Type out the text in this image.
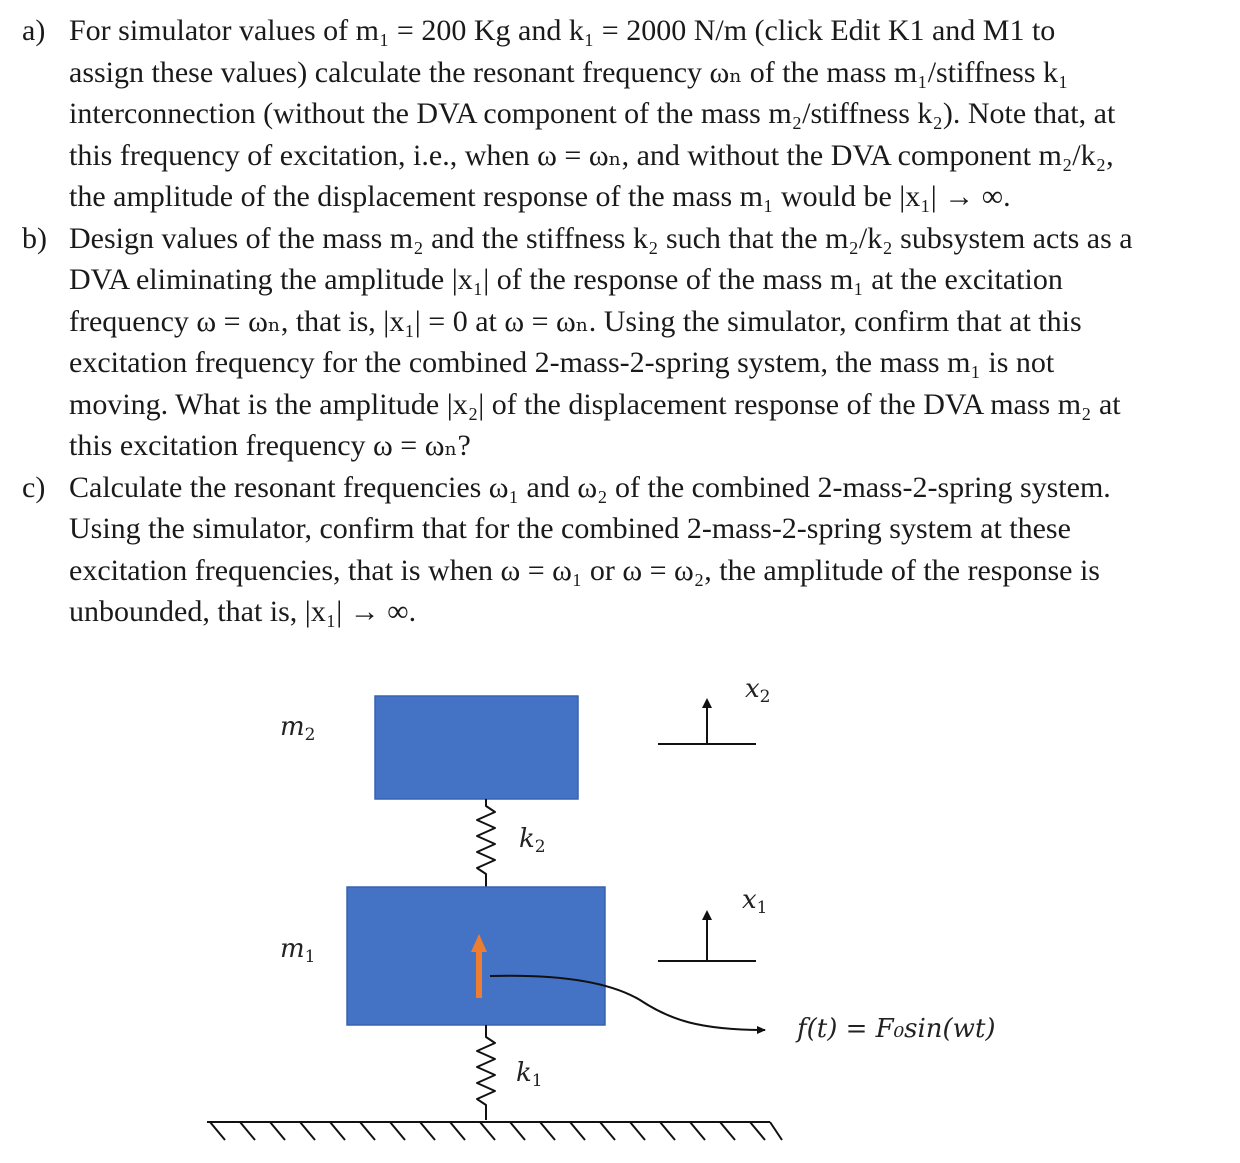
a) For simulator values of m₁ = 200 Kg and k₁ = 2000 N/m (click Edit K1 and M1 to
assign these values) calculate the resonant frequency ωₙ of the mass m₁/stiffness k₁
interconnection (without the DVA component of the mass m₂/stiffness k₂). Note that, at
this frequency of excitation, i.e., when ω = ωₙ, and without the DVA component m₂/k₂,
the amplitude of the displacement response of the mass m₁ would be |x₁| → ∞.
b) Design values of the mass m₂ and the stiffness k₂ such that the m₂/k₂ subsystem acts as a
DVA eliminating the amplitude |x₁| of the response of the mass m₁ at the excitation
frequency ω = ωₙ, that is, |x₁| = 0 at ω = ωₙ. Using the simulator, confirm that at this
excitation frequency for the combined 2-mass-2-spring system, the mass m₁ is not
moving. What is the amplitude |x₂| of the displacement response of the DVA mass m₂ at
this excitation frequency ω = ωₙ?
c) Calculate the resonant frequencies ω₁ and ω₂ of the combined 2-mass-2-spring system.
Using the simulator, confirm that for the combined 2-mass-2-spring system at these
excitation frequencies, that is when ω = ω₁ or ω = ω₂, the amplitude of the response is
unbounded, that is, |x₁| → ∞.
$m_2$
$m_1$
$k_2$
$k_1$
$x_2$
$x_1$
f(t) = F₀sin(wt)
